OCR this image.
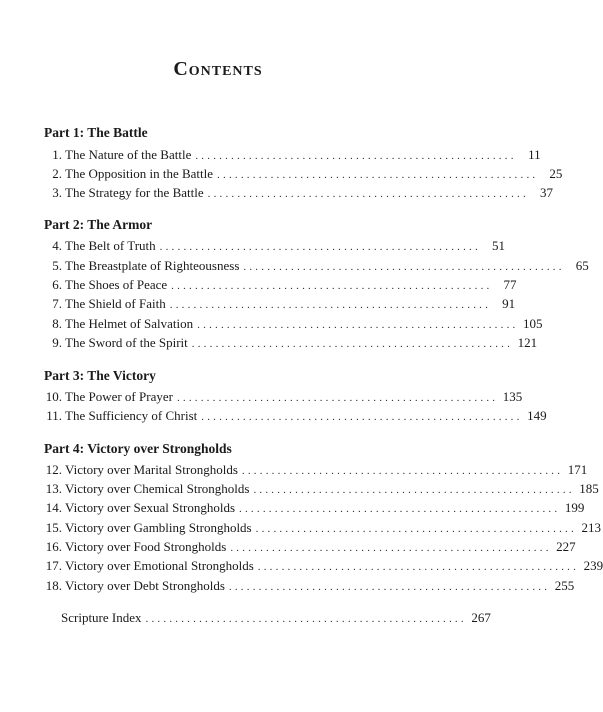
Contents
Part 1: The Battle
1. The Nature of the Battle ...................................................... 11
2. The Opposition in the Battle ...................................................... 25
3. The Strategy for the Battle ...................................................... 37
Part 2: The Armor
4. The Belt of Truth ...................................................... 51
5. The Breastplate of Righteousness ...................................................... 65
6. The Shoes of Peace ...................................................... 77
7. The Shield of Faith ...................................................... 91
8. The Helmet of Salvation ...................................................... 105
9. The Sword of the Spirit ...................................................... 121
Part 3: The Victory
10. The Power of Prayer ...................................................... 135
11. The Sufficiency of Christ ...................................................... 149
Part 4: Victory over Strongholds
12. Victory over Marital Strongholds ...................................................... 171
13. Victory over Chemical Strongholds ...................................................... 185
14. Victory over Sexual Strongholds ...................................................... 199
15. Victory over Gambling Strongholds ...................................................... 213
16. Victory over Food Strongholds ...................................................... 227
17. Victory over Emotional Strongholds ...................................................... 239
18. Victory over Debt Strongholds ...................................................... 255
Scripture Index ...................................................... 267
